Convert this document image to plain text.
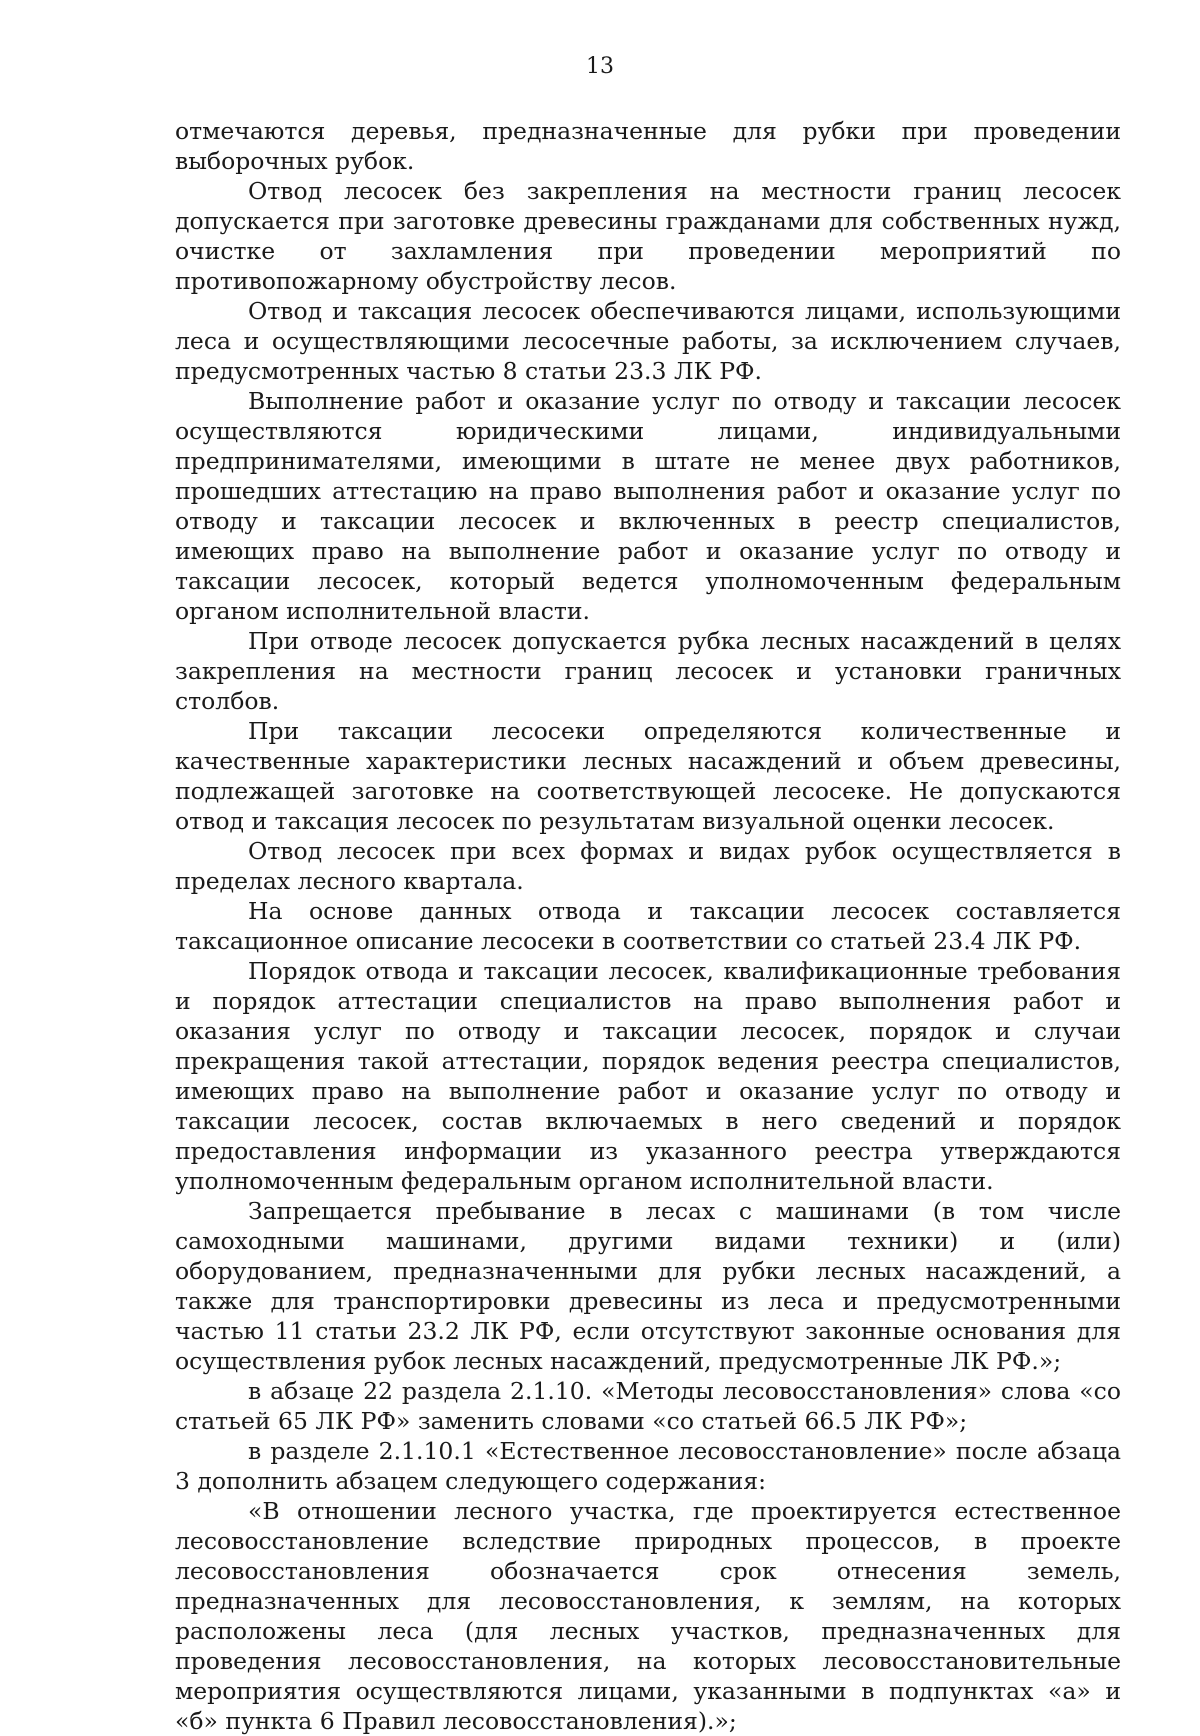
13

отмечаются деревья, предназначенные для рубки при проведении выборочных рубок.

Отвод лесосек без закрепления на местности границ лесосек допускается при заготовке древесины гражданами для собственных нужд, очистке от захламления при проведении мероприятий по противопожарному обустройству лесов.

Отвод и таксация лесосек обеспечиваются лицами, использующими леса и осуществляющими лесосечные работы, за исключением случаев, предусмотренных частью 8 статьи 23.3 ЛК РФ.

Выполнение работ и оказание услуг по отводу и таксации лесосек осуществляются юридическими лицами, индивидуальными предпринимателями, имеющими в штате не менее двух работников, прошедших аттестацию на право выполнения работ и оказание услуг по отводу и таксации лесосек и включенных в реестр специалистов, имеющих право на выполнение работ и оказание услуг по отводу и таксации лесосек, который ведется уполномоченным федеральным органом исполнительной власти.

При отводе лесосек допускается рубка лесных насаждений в целях закрепления на местности границ лесосек и установки граничных столбов.

При таксации лесосеки определяются количественные и качественные характеристики лесных насаждений и объем древесины, подлежащей заготовке на соответствующей лесосеке. Не допускаются отвод и таксация лесосек по результатам визуальной оценки лесосек.

Отвод лесосек при всех формах и видах рубок осуществляется в пределах лесного квартала.

На основе данных отвода и таксации лесосек составляется таксационное описание лесосеки в соответствии со статьей 23.4 ЛК РФ.

Порядок отвода и таксации лесосек, квалификационные требования и порядок аттестации специалистов на право выполнения работ и оказания услуг по отводу и таксации лесосек, порядок и случаи прекращения такой аттестации, порядок ведения реестра специалистов, имеющих право на выполнение работ и оказание услуг по отводу и таксации лесосек, состав включаемых в него сведений и порядок предоставления информации из указанного реестра утверждаются уполномоченным федеральным органом исполнительной власти.

Запрещается пребывание в лесах с машинами (в том числе самоходными машинами, другими видами техники) и (или) оборудованием, предназначенными для рубки лесных насаждений, а также для транспортировки древесины из леса и предусмотренными частью 11 статьи 23.2 ЛК РФ, если отсутствуют законные основания для осуществления рубок лесных насаждений, предусмотренные ЛК РФ.»;

в абзаце 22 раздела 2.1.10. «Методы лесовосстановления» слова «со статьей 65 ЛК РФ» заменить словами «со статьей 66.5 ЛК РФ»;

в разделе 2.1.10.1 «Естественное лесовосстановление» после абзаца 3 дополнить абзацем следующего содержания:

«В отношении лесного участка, где проектируется естественное лесовосстановление вследствие природных процессов, в проекте лесовосстановления обозначается срок отнесения земель, предназначенных для лесовосстановления, к землям, на которых расположены леса (для лесных участков, предназначенных для проведения лесовосстановления, на которых лесовосстановительные мероприятия осуществляются лицами, указанными в подпунктах «а» и «б» пункта 6 Правил лесовосстановления).»;
